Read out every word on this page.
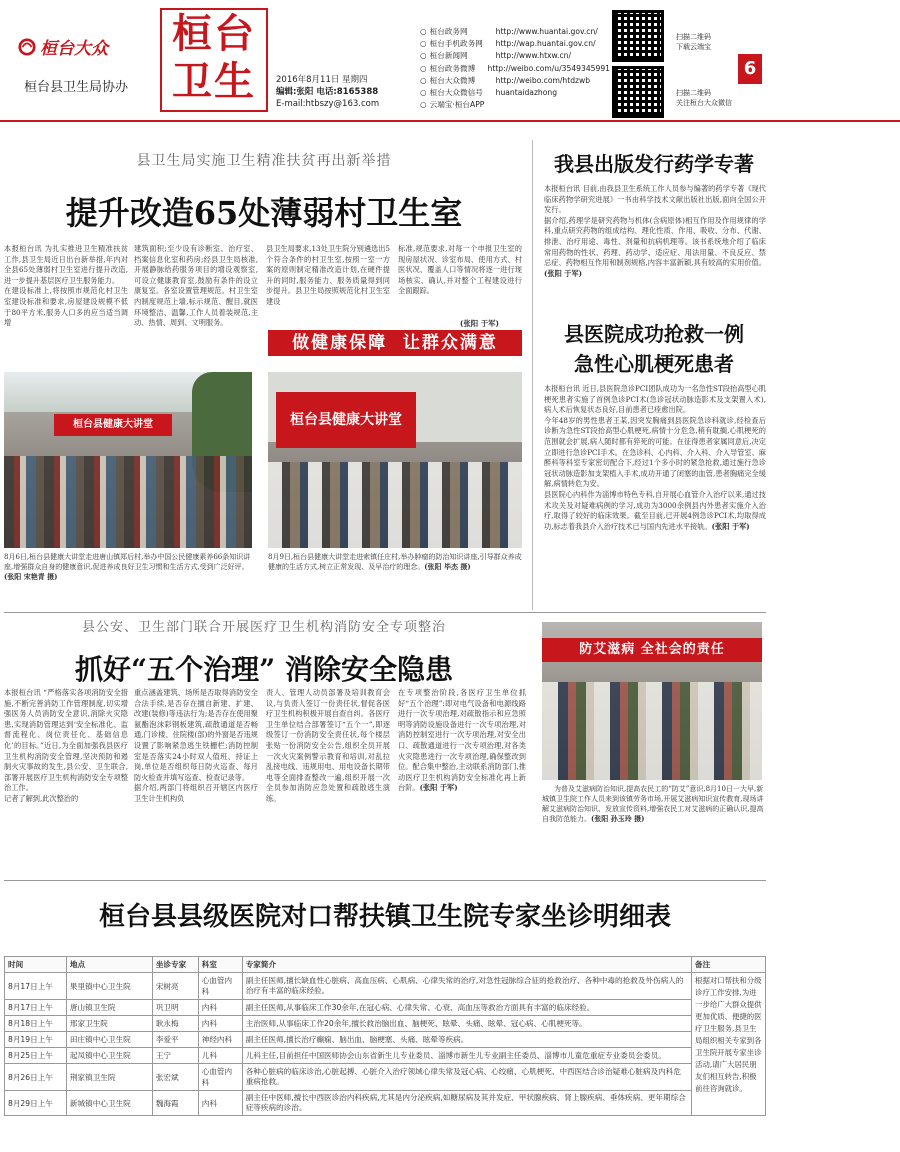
桓台大众
桓台县卫生局协办
桓台
卫生	2016年8月11日 星期四
编辑:张阳 电话:8165388
E-mail:htbszy@163.com
○ 桓台政务网	http://www.huantai.gov.cn/
○ 桓台手机政务网	http://wap.huantai.gov.cn/
○ 桓台新闻网	http://www.htxw.cn/
○ 桓台政务微博	http://weibo.com/u/3549345991
○ 桓台大众微博	http://weibo.com/htdzwb
○ 桓台大众微信号	huantaidazhong
○ 云端宝·桓台APP
扫描二维码
下载云端宝
扫描二维码
关注桓台大众微信
6
县卫生局实施卫生精准扶贫再出新举措
提升改造65处薄弱村卫生室
本报桓台讯 为扎实推进卫生精准扶贫工作,县卫生局近日出台新举措,年内对全县65处薄弱村卫生室进行提升改造,进一步提升基层医疗卫生服务能力。
在建设标准上,将按照市规范化村卫生室建设标准和要求,房屋建设规模不低于80平方米,服务人口多的应当适当调增
建筑面积;至少设有诊断室、治疗室、档案信息化室和药房;经县卫生局核准,开展静脉给药服务项目的增设观察室,可设立健康教育室,鼓励有条件的设立康复室。各室设置管理规范。村卫生室内制度规范上墙,标示规范、醒目,就医环境整洁、温馨,工作人员着装规范,主动、热情、周到、文明服务。
县卫生局要求,13处卫生院分别遴选出5个符合条件的村卫生室,按照一室一方案的原则制定精准改造计划,在硬件提升的同时,服务能力、服务质量得到同步提升。县卫生局按照规范化村卫生室建设
标准,规范要求,对每一个申报卫生室的现房屋状况、诊室布局、使用方式、村医状况、覆盖人口等情况将逐一进行现场核实、确认,并对整个工程建设进行全面跟踪。
(张阳 于军)
做健康保障  让群众满意
桓台县健康大讲堂
8月6日,桓台县健康大讲堂走进唐山镇郑后村,举办中国公民健康素养66条知识讲座,增强群众自身的健康意识,促进养成良好卫生习惯和生活方式,受到广泛好评。(张阳 宋艳青 摄)
桓台县健康大讲堂
8月9日,桓台县健康大讲堂走进索镇任庄村,举办肿瘤的防治知识讲座,引导群众养成健康的生活方式,树立正常发现、及早治疗的理念。(张阳 毕杰 摄)
我县出版发行药学专著
本报桓台讯 目前,由我县卫生系统工作人员参与编著的药学专著《现代临床药物学研究进展》一书由科学技术文献出版社出版,面向全国公开发行。
据介绍,药理学是研究药物与机体(含病原体)相互作用及作用规律的学科,重点研究药物的组成结构、理化性质、作用、吸收、分布、代谢、排泄、治疗用途、毒性、剂量和抗病机理等。该书系统地介绍了临床常用药物的性状、药理、药动学、适应症、用法用量、不良反应、禁忌症、药物相互作用和制剂规格,内容丰富新颖,具有较高的实用价值。(张阳 于军)
县医院成功抢救一例
急性心肌梗死患者
本报桓台讯 近日,县医院急诊PCI团队成功为一名急性ST段抬高型心肌梗死患者实施了首例急诊PCI术(急诊冠状动脉造影术及支架置入术),病人术后恢复状态良好,目前患者已痊愈出院。
今年48岁的男性患者王某,因突发胸痛到县医院急诊科就诊,经检查后诊断为急性ST段抬高型心肌梗死,病情十分危急,稍有耽搁,心肌梗死的范围就会扩展,病人随时都有猝死的可能。在征得患者家属同意后,决定立即进行急诊PCI手术。在急诊科、心内科、介入科、介入导管室、麻醉科等科室专家密切配合下,经过1个多小时的紧急抢救,通过施行急诊冠状动脉造影加支架植入手术,成功开通了闭塞的血管,患者胸痛完全缓解,病情转危为安。
县医院心内科作为淄博市特色专科,自开展心血管介入治疗以来,通过技术攻关及对疑难病例的学习,成功为3000余例县内外患者实施介入治疗,取得了较好的临床效果。截至目前,已开展4例急诊PCI术,均取得成功,标志着我县介入治疗技术已与国内先进水平接轨。(张阳 于军)
县公安、卫生部门联合开展医疗卫生机构消防安全专项整治
抓好“五个治理” 消除安全隐患
本报桓台讯 “严格落实各项消防安全措施,不断完善消防工作管理制度,切实增强医务人员消防安全意识,消除火灾隐患,实现消防管理达到‘安全标准化、监督流程化、岗位责任化、基础信息化’的目标。”近日,为全面加强我县医疗卫生机构消防安全管理,坚决预防和遏制火灾事故的发生,县公安、卫生联合,部署开展医疗卫生机构消防安全专项整治工作。
记者了解到,此次整治的
重点涵盖建筑、场所是否取得消防安全合法手续,是否存在擅自新建、扩建、改建(装修)等违法行为;是否存在使用聚氨酯泡沫彩钢板建筑,疏散通道是否畅通,门诊楼、住院楼(部)的外窗是否违规设置了影响紧急逃生铁栅栏;消防控制室是否落实24小时双人值班、持证上岗,单位是否组织每日防火巡查、每月防火检查并填写巡查、检查记录等。
据介绍,两部门将组织召开辖区内医疗卫生计生机构负
责人、管理人动员部署及培训教育会议,与负责人签订一份责任状,督促各医疗卫生机构积极开展自查自纠。各医疗卫生单位结合部署签订“五个一”,即逐级签订一份消防安全责任状,每个楼层张贴一份消防安全公告,组织全员开展一次火灾案例警示教育和培训,对乱拉乱接电线、违规用电、用电设备长期带电等全面排查整改一遍,组织开展一次全员参加消防应急处置和疏散逃生演练。
在专项整治阶段,各医疗卫生单位抓好“五个治理”:即对电气设备和电源线路进行一次专项治理,对疏散指示和应急照明等消防设施设备进行一次专项治理,对消防控制室进行一次专项治理,对安全出口、疏散通道进行一次专项治理,对各类火灾隐患进行一次专项治理,确保整改到位。配合集中整治,主动联系消防部门,推动医疗卫生机构消防安全标准化再上新台阶。(张阳 于军)
防艾滋病 全社会的责任
为普及艾滋病防治知识,提高农民工的“防艾”意识,8月10日一大早,新城镇卫生院工作人员来到该镇劳务市场,开展艾滋病知识宣传教育,现场讲解艾滋病防治知识、发放宣传资料,增强农民工对艾滋病的正确认识,提高自我防范能力。(张阳 孙玉玲 摄)
桓台县县级医院对口帮扶镇卫生院专家坐诊明细表
时间	地点	坐诊专家	科室	专家简介	备注
8月17日上午	果里镇中心卫生院	宋树亮	心血管内科	副主任医师,擅长缺血性心脏病、高血压病、心肌病、心律失常的治疗,对急性冠脉综合征的抢救治疗、各种中毒的抢救及外伤病人的治疗有丰富的临床经验。	根据对口帮扶和分级诊疗工作安排,为进一步给广大群众提供更加优质、便捷的医疗卫生服务,县卫生局组织相关专家到各卫生院开展专家坐诊活动,请广大居民朋友们相互转告,积极前往咨询就诊。
8月17日上午	唐山镇卫生院	巩卫明	内科	副主任医师,从事临床工作30余年,在冠心病、心律失常、心衰、高血压等救治方面具有丰富的临床经验。	
8月18日上午	邢家卫生院	耿永梅	内科	主治医师,从事临床工作20余年,擅长救治脑出血、脑梗死、眩晕、头痛、眩晕、冠心病、心肌梗死等。	
8月19日上午	田庄镇中心卫生院	李爱平	神经内科	副主任医师,擅长治疗癫痫、脑出血、脑梗塞、头痛、眩晕等疾病。	
8月25日上午	起凤镇中心卫生院	王宁	儿科	儿科主任,目前担任中国医师协会山东省新生儿专业委员、淄博市新生儿专业副主任委员、淄博市儿童危重症专业委员会委员。	
8月26日上午	荆家镇卫生院	张宏斌	心血管内科	各种心脏病的临床诊治,心脏起搏、心脏介入治疗领域心律失常及冠心病、心绞痛、心肌梗死、中西医结合诊治疑难心脏病及内科危重病抢救。	
8月29日上午	新城镇中心卫生院	魏海霞	内科	副主任中医师,擅长中西医诊治内科疾病,尤其是内分泌疾病,如糖尿病及其并发症、甲状腺疾病、肾上腺疾病、垂体疾病、更年期综合症等疾病的诊治。	
